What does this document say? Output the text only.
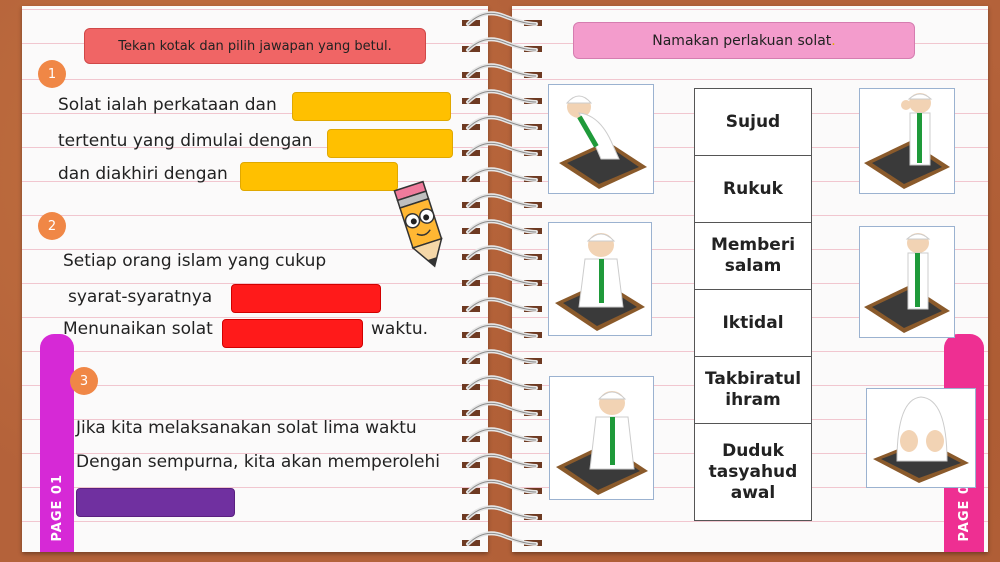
PAGE 01
Tekan kotak dan pilih jawapan yang betul.
1
Solat ialah perkataan dan
tertentu yang dimulai dengan
dan diakhiri dengan
2
Setiap orang islam yang cukup
syarat-syaratnya
Menunaikan solat	waktu.
3
Jika kita melaksanakan solat lima waktu
Dengan sempurna, kita akan memperolehi
PAGE 02
Namakan perlakuan solat .
Sujud
Rukuk
Memberi salam
Iktidal
Takbiratul ihram
Duduk tasyahud awal
